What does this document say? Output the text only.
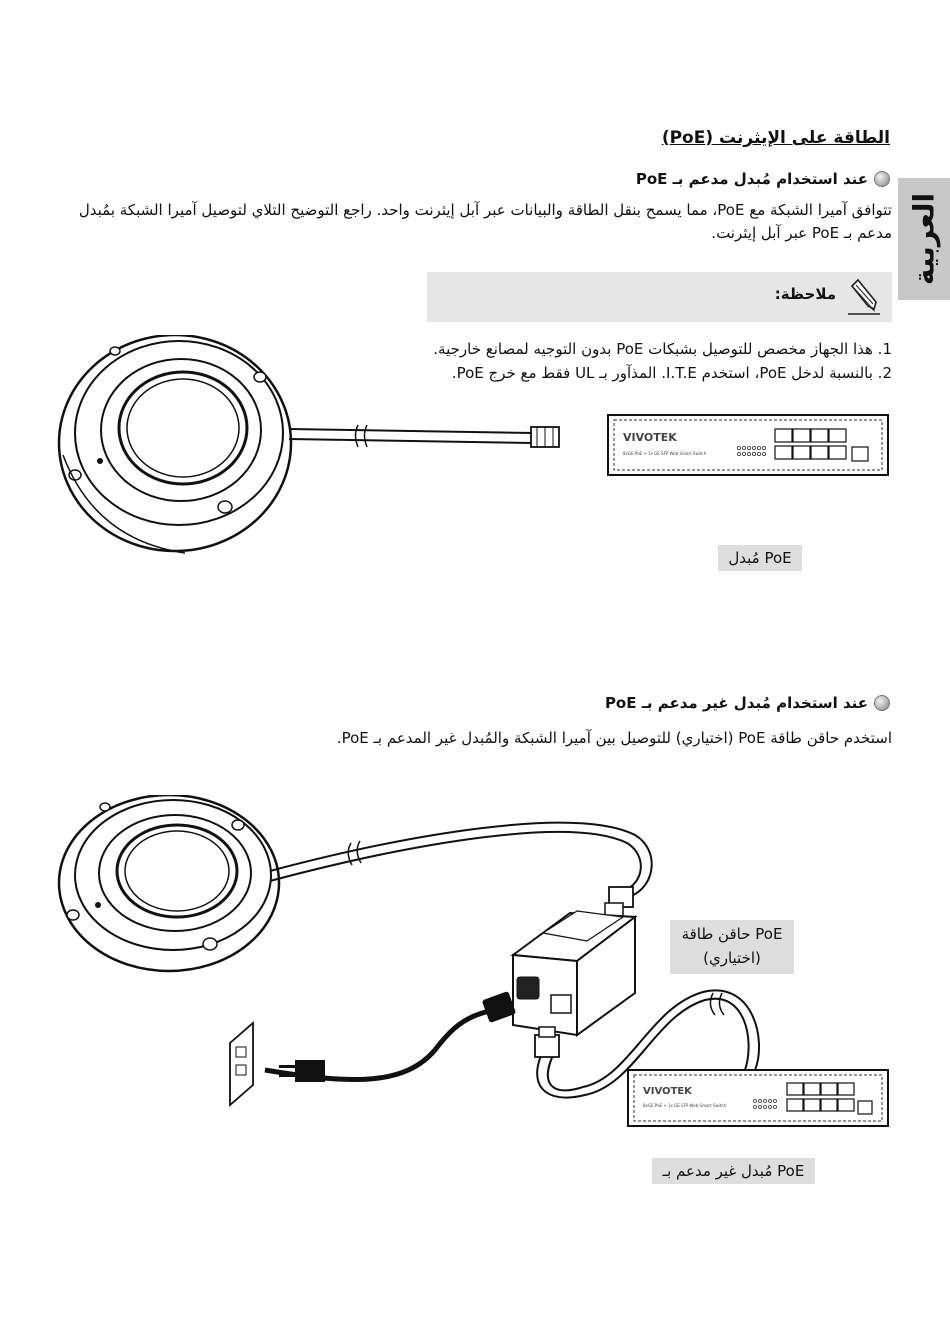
العربية
الطاقة على الإيثرنت (PoE)
عند استخدام مُبدل مدعم بـ PoE
تتوافق آميرا الشبكة مع PoE، مما يسمح بنقل الطاقة والبيانات عبر آبل إيثرنت واحد. راجع التوضيح التلاي لتوصيل آميرا الشبكة بمُبدل
مدعم بـ PoE عبر آبل إيثرنت.
ملاحظة:
1. هذا الجهاز مخصص للتوصيل بشبكات PoE بدون التوجيه لمصانع خارجية.
2. بالنسبة لدخل PoE، استخدم I.T.E. المذآور بـ UL فقط مع خرج PoE.
VIVOTEK
8xGE PoE + 1x GE SFP Web Smart Switch
مُبدل PoE
عند استخدام مُبدل غير مدعم بـ PoE
استخدم حاقن طاقة PoE (اختياري) للتوصيل بين آميرا الشبكة والمُبدل غير المدعم بـ PoE.
VIVOTEK
8xGE PoE + 1x GE SFP Web Smart Switch
حاقن طاقة PoE
(اختياري)
مُبدل غير مدعم بـ PoE
